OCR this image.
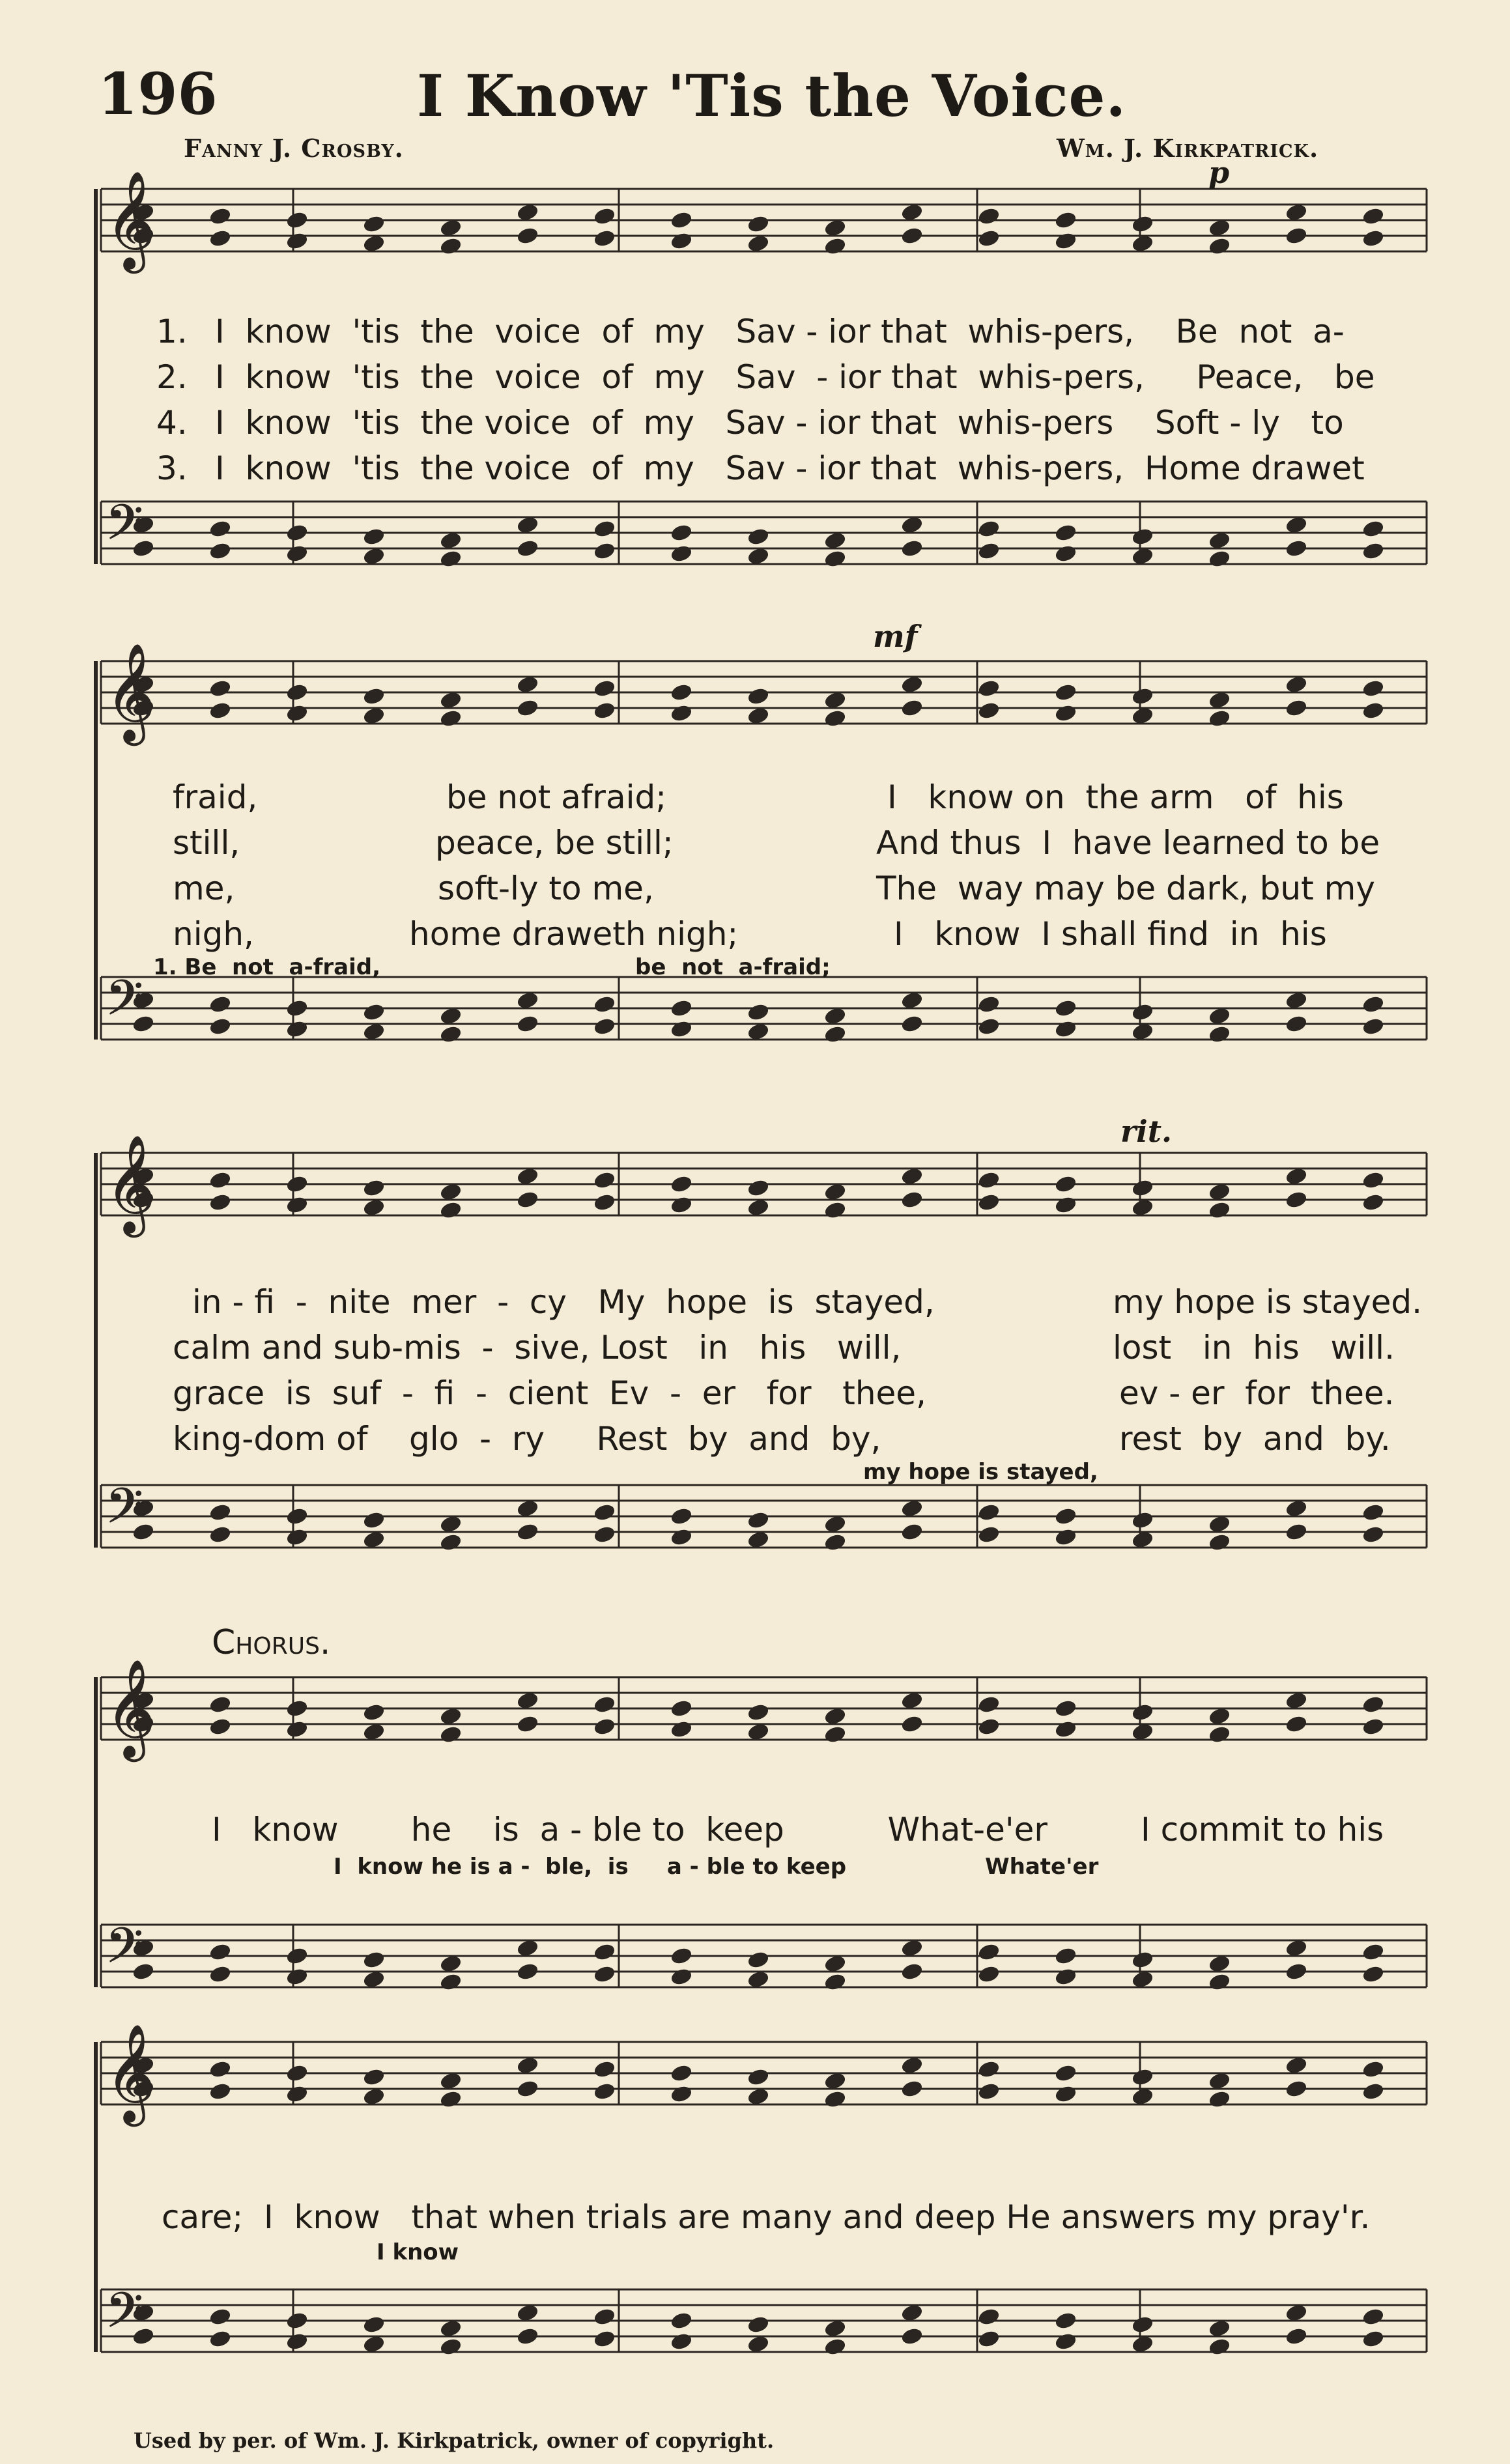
196	I Know 'Tis the Voice.
Fanny J. Crosby.	Wm. J. Kirkpatrick.
𝄞
𝄢
𝄞
𝄢
𝄞
𝄢
𝄞
𝄢
𝄞
𝄢
1. I  know  'tis  the  voice  of  my   Sav - ior that  whis-pers,    Be  not  a-
2. I  know  'tis  the  voice  of  my   Sav  - ior that  whis-pers,     Peace,   be
4. I  know  'tis  the voice  of  my   Sav - ior that  whis-pers    Soft - ly   to
3. I  know  'tis  the voice  of  my   Sav - ior that  whis-pers,  Home drawet
p
mf
fraid,	be not afraid;	I   know on  the arm   of  his
still,	peace, be still;	And thus  I  have learned to be
me,	soft-ly to me,	The  way may be dark, but my
nigh,	home draweth nigh;	I   know  I shall find  in  his
1. Be  not  a-fraid,	be  not  a-fraid;
rit.
in - fi  -  nite  mer  -  cy   My  hope  is  stayed,	my hope is stayed.
calm and sub-mis  -  sive, Lost   in   his   will,	lost   in  his   will.
grace  is  suf  -  fi  -  cient  Ev  -  er   for   thee,	ev - er  for  thee.
king-dom of    glo  -  ry     Rest  by  and  by,	rest  by  and  by.
my hope is stayed,
Chorus.
I   know       he    is  a - ble to  keep          What-e'er         I commit to his
I  know he is a -  ble,  is     a - ble to keep                  Whate'er
care;  I  know   that when trials are many and deep He answers my pray'r.
I know
Used by per. of Wm. J. Kirkpatrick, owner of copyright.
